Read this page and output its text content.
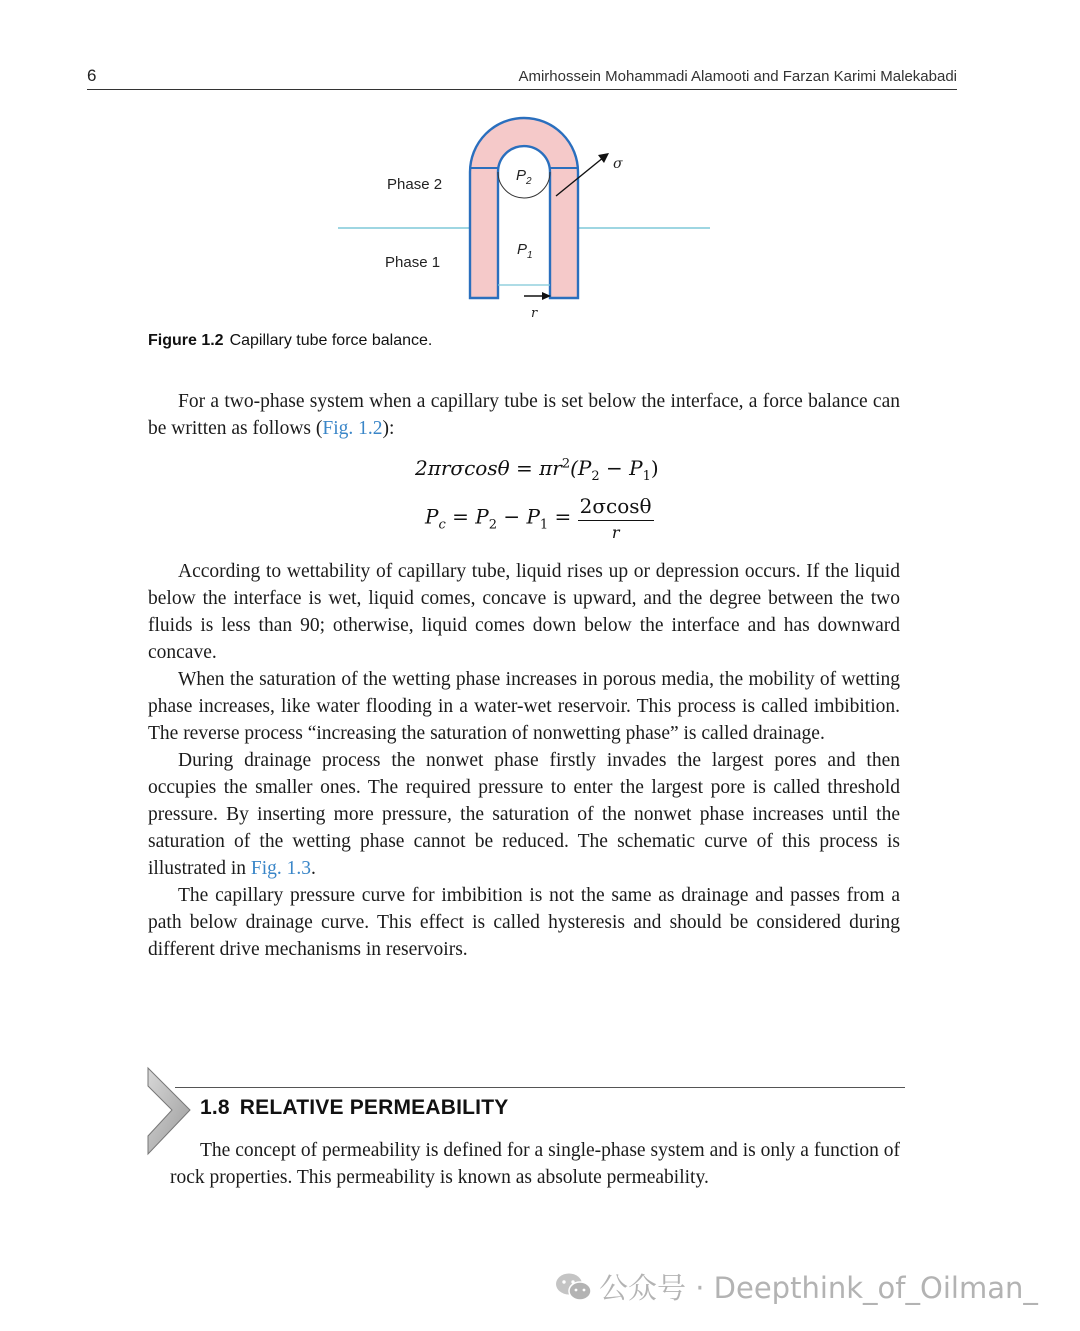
6	Amirhossein Mohammadi Alamooti and Farzan Karimi Malekabadi
Phase 2
Phase 1
$P_2$
$P_1$
σ
r
Figure 1.2 Capillary tube force balance.

For a two-phase system when a capillary tube is set below the interface, a force balance can be written as follows (Fig. 1.2):

$2\pi r\sigma\cos\theta = \pi r^2(P_2 - P_1)$
$P_c = P_2 - P_1 = \frac{2\sigma\cos\theta}{r}$

According to wettability of capillary tube, liquid rises up or depression occurs. If the liquid below the interface is wet, liquid comes, concave is upward, and the degree between the two fluids is less than 90; otherwise, liquid comes down below the interface and has downward concave.

When the saturation of the wetting phase increases in porous media, the mobility of wetting phase increases, like water flooding in a water-wet reservoir. This process is called imbibition. The reverse process “increasing the saturation of nonwetting phase” is called drainage.

During drainage process the nonwet phase firstly invades the largest pores and then occupies the smaller ones. The required pressure to enter the largest pore is called threshold pressure. By inserting more pressure, the saturation of the nonwet phase increases until the saturation of the wetting phase cannot be reduced. The schematic curve of this process is illustrated in Fig. 1.3.

The capillary pressure curve for imbibition is not the same as drainage and passes from a path below drainage curve. This effect is called hysteresis and should be considered during different drive mechanisms in reservoirs.

1.8 RELATIVE PERMEABILITY

The concept of permeability is defined for a single-phase system and is only a function of rock properties. This permeability is known as absolute permeability.

公众号 · Deepthink_of_Oilman_
